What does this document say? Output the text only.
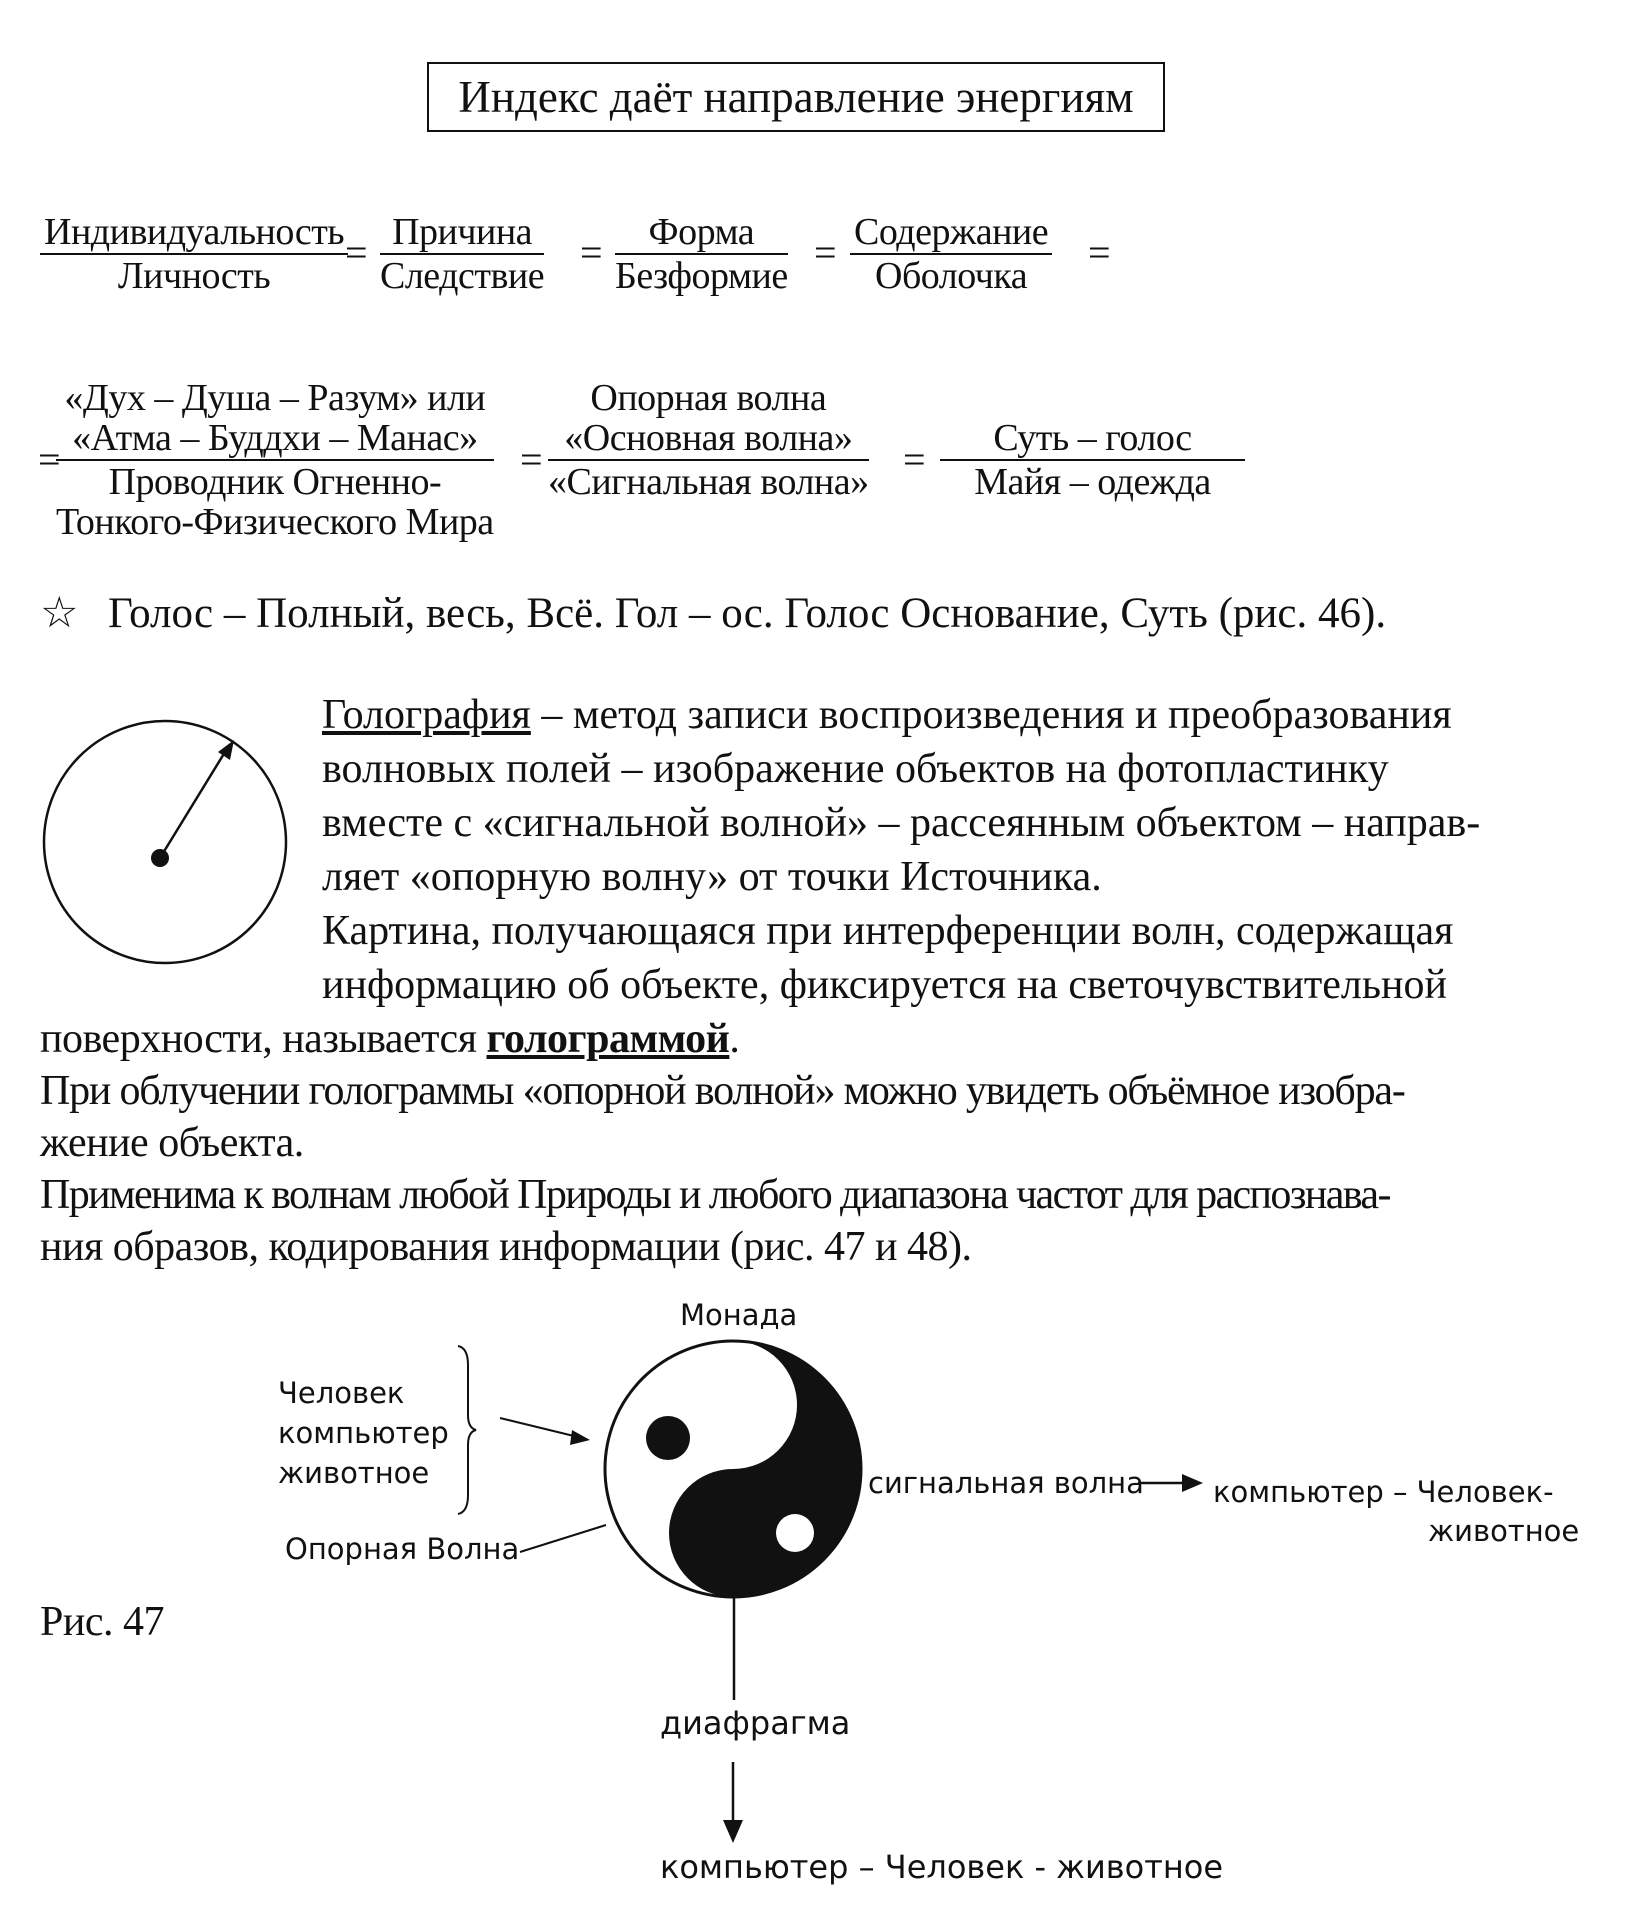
Индекс даёт направление энергиям
Индивидуальность
Личность
= Причина
Следствие
= Форма
Безформие
= Содержание
Оболочка
=
=
«Дух – Душа – Разум» или
«Атма – Буддхи – Манас»
Проводник Огненно-
Тонкого-Физического Мира
=
Опорная волна
«Основная волна»
«Сигнальная волна» = Суть – голос
Майя – одежда
☆ Голос – Полный, весь, Всё. Гол – ос. Голос Основание, Суть (рис. 46).
Голография – метод записи воспроизведения и преобразования
волновых полей – изображение объектов на фотопластинку
вместе с «сигнальной волной» – рассеянным объектом – направ-
ляет «опорную волну» от точки Источника.
Картина, получающаяся при интерференции волн, содержащая
информацию об объекте, фиксируется на светочувствительной
поверхности, называется голограммой.
При облучении голограммы «опорной волной» можно увидеть объёмное изобра-
жение объекта.
Применима к волнам любой Природы и любого диапазона частот для распознава-
ния образов, кодирования информации (рис. 47 и 48).
Монада
Человек
компьютер
животное
Опорная Волна
сигнальная волна компьютер – Человек-
животное
Рис. 47
диафрагма
компьютер – Человек - животное
